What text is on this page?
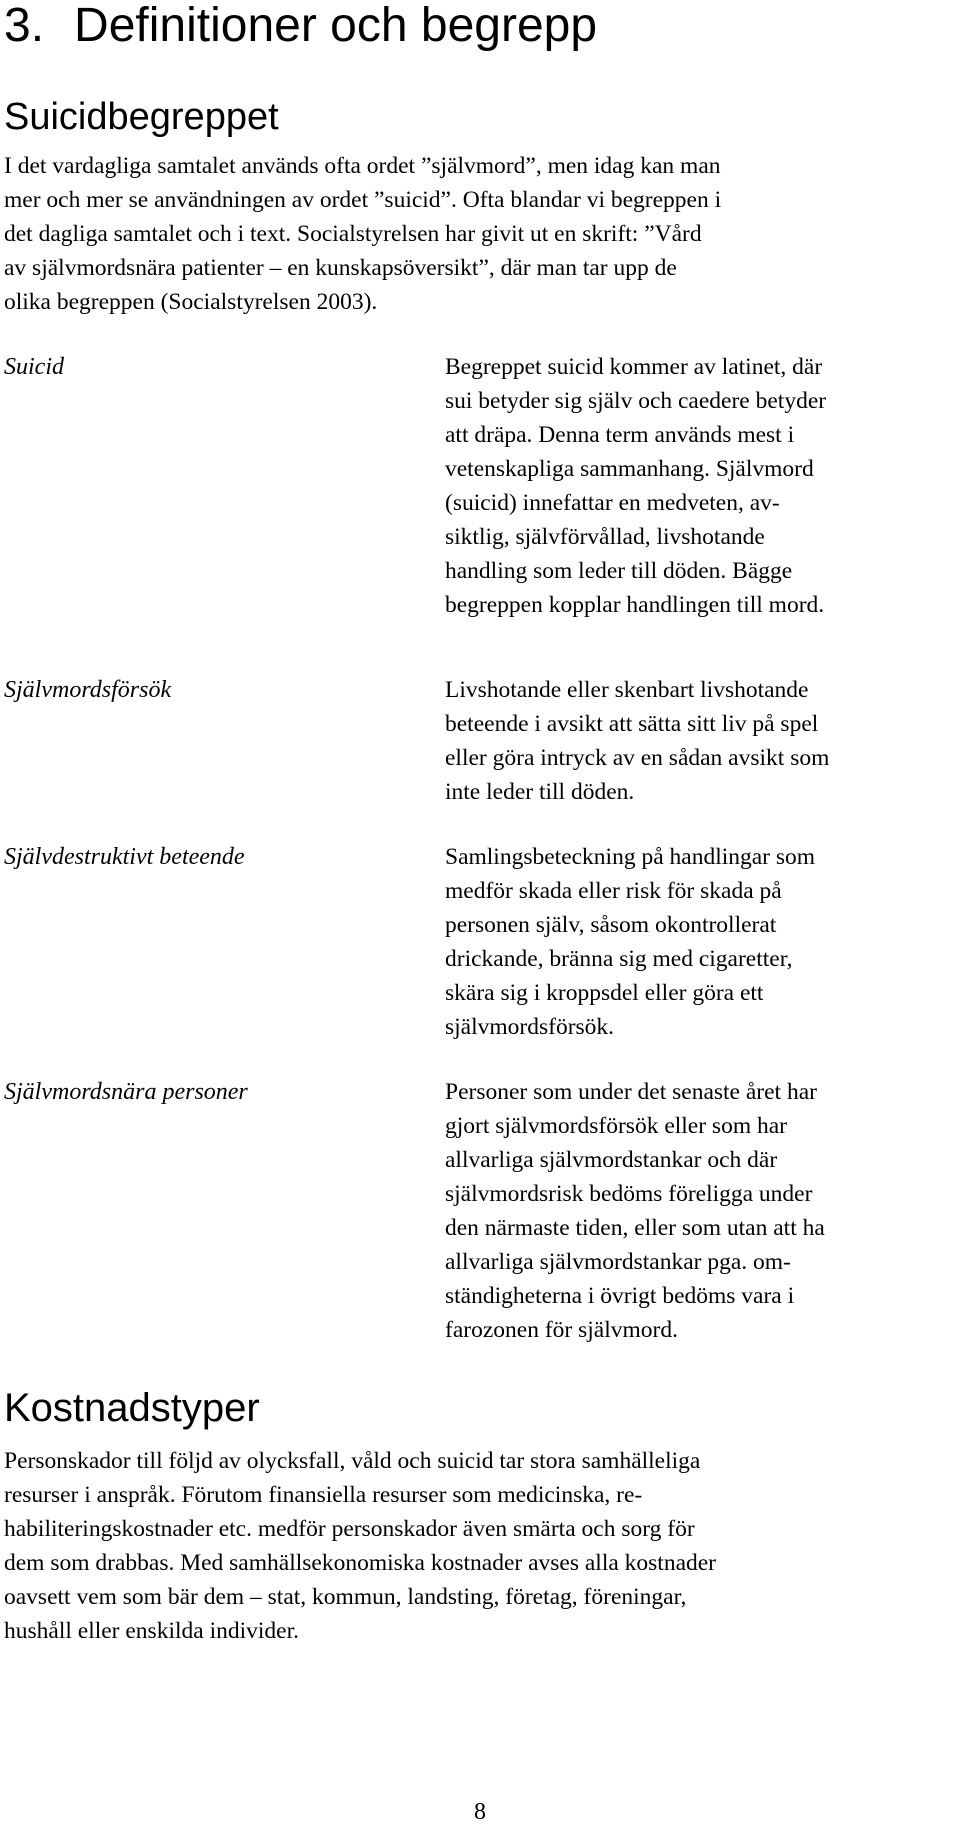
3. Definitioner och begrepp
Suicidbegreppet

I det vardagliga samtalet används ofta ordet ”självmord”, men idag kan man
mer och mer se användningen av ordet ”suicid”. Ofta blandar vi begreppen i
det dagliga samtalet och i text. Socialstyrelsen har givit ut en skrift: ”Vård
av självmordsnära patienter – en kunskapsöversikt”, där man tar upp de
olika begreppen (Socialstyrelsen 2003).

Suicid	Begreppet suicid kommer av latinet, där
sui betyder sig själv och caedere betyder
att dräpa. Denna term används mest i
vetenskapliga sammanhang. Självmord
(suicid) innefattar en medveten, av-
siktlig, självförvållad, livshotande
handling som leder till döden. Bägge
begreppen kopplar handlingen till mord.

Självmordsförsök	Livshotande eller skenbart livshotande
beteende i avsikt att sätta sitt liv på spel
eller göra intryck av en sådan avsikt som
inte leder till döden.

Självdestruktivt beteende	Samlingsbeteckning på handlingar som
medför skada eller risk för skada på
personen själv, såsom okontrollerat
drickande, bränna sig med cigaretter,
skära sig i kroppsdel eller göra ett
självmordsförsök.

Självmordsnära personer	Personer som under det senaste året har
gjort självmordsförsök eller som har
allvarliga självmordstankar och där
självmordsrisk bedöms föreligga under
den närmaste tiden, eller som utan att ha
allvarliga självmordstankar pga. om-
ständigheterna i övrigt bedöms vara i
farozonen för självmord.

Kostnadstyper

Personskador till följd av olycksfall, våld och suicid tar stora samhälleliga
resurser i anspråk. Förutom finansiella resurser som medicinska, re-
habiliteringskostnader etc. medför personskador även smärta och sorg för
dem som drabbas. Med samhällsekonomiska kostnader avses alla kostnader
oavsett vem som bär dem – stat, kommun, landsting, företag, föreningar,
hushåll eller enskilda individer.

8
